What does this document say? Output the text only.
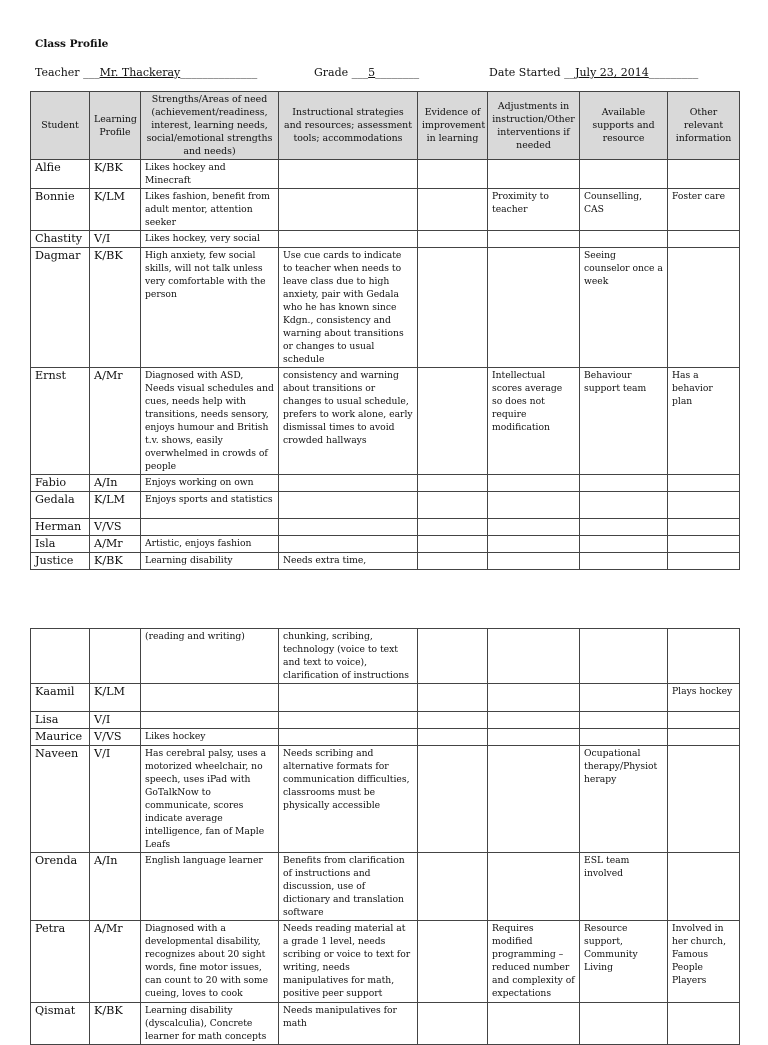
Class Profile
Teacher ___Mr. Thackeray______________	Grade ___5________	Date Started __July 23, 2014_________
Student	Learning Profile	Strengths/Areas of need (achievement/readiness, interest, learning needs, social/emotional strengths and needs)	Instructional strategies and resources; assessment tools; accommodations	Evidence of improvement in learning	Adjustments in instruction/Other interventions if needed	Available supports and resource	Other relevant information
Alfie	K/BK	Likes hockey and Minecraft					
Bonnie	K/LM	Likes fashion, benefit from adult mentor, attention seeker			Proximity to teacher	Counselling, CAS	Foster care
Chastity	V/I	Likes hockey, very social					
Dagmar	K/BK	High anxiety, few social skills, will not talk unless very comfortable with the person	Use cue cards to indicate to teacher when needs to leave class due to high anxiety, pair with Gedala who he has known since Kdgn., consistency and warning about transitions or changes to usual schedule			Seeing counselor once a week	
Ernst	A/Mr	Diagnosed with ASD, Needs visual schedules and cues, needs help with transitions, needs sensory, enjoys humour and British t.v. shows, easily overwhelmed in crowds of people	consistency and warning about transitions or changes to usual schedule, prefers to work alone, early dismissal times to avoid crowded hallways		Intellectual scores average so does not require modification	Behaviour support team	Has a behavior plan
Fabio	A/In	Enjoys working on own					
Gedala	K/LM	Enjoys sports and statistics					
Herman	V/VS						
Isla	A/Mr	Artistic, enjoys fashion					
Justice	K/BK	Learning disability	Needs extra time,				
		(reading and writing)	chunking, scribing, technology (voice to text and text to voice), clarification of instructions				
Kaamil	K/LM						Plays hockey
Lisa	V/I						
Maurice	V/VS	Likes hockey					
Naveen	V/I	Has cerebral palsy, uses a motorized wheelchair, no speech, uses iPad with GoTalkNow to communicate, scores indicate average intelligence, fan of Maple Leafs	Needs scribing and alternative formats for communication difficulties, classrooms must be physically accessible			Ocupational therapy/Physiot herapy	
Orenda	A/In	English language learner	Benefits from clarification of instructions and discussion, use of dictionary and translation software			ESL team involved	
Petra	A/Mr	Diagnosed with a developmental disability, recognizes about 20 sight words, fine motor issues, can count to 20 with some cueing, loves to cook	Needs reading material at a grade 1 level, needs scribing or voice to text for writing, needs manipulatives for math, positive peer support		Requires modified programming – reduced number and complexity of expectations	Resource support, Community Living	Involved in her church, Famous People Players
Qismat	K/BK	Learning disability (dyscalculia), Concrete learner for math concepts	Needs manipulatives for math				
